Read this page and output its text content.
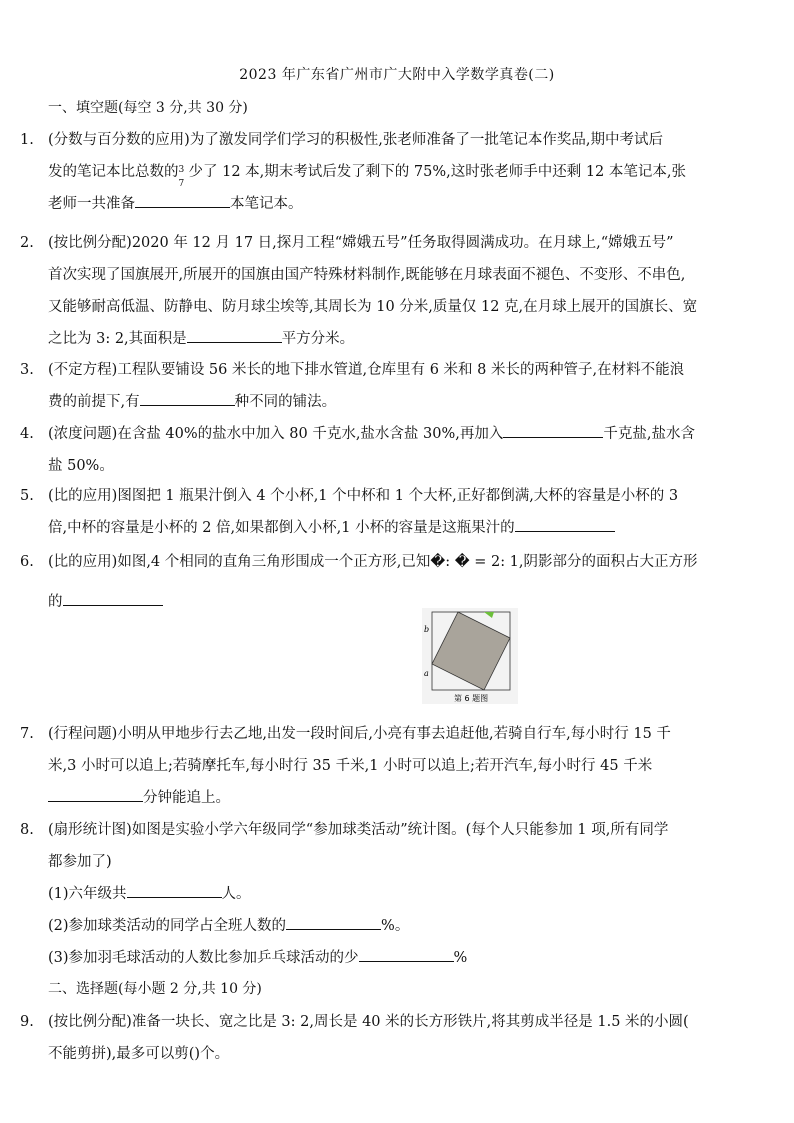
2023 年广东省广州市广大附中入学数学真卷(二)
一、填空题(每空 3 分,共 30 分)
1. (分数与百分数的应用)为了激发同学们学习的积极性,张老师准备了一批笔记本作奖品,期中考试后
发的笔记本比总数的 3
7
少了 12 本,期末考试后发了剩下的 75%,这时张老师手中还剩 12 本笔记本,张
老师一共准备	本笔记本。
2. (按比例分配)2020 年 12 月 17 日,探月工程“嫦娥五号”任务取得圆满成功。在月球上,“嫦娥五号”
首次实现了国旗展开,所展开的国旗由国产特殊材料制作,既能够在月球表面不褪色、不变形、不串色,
又能够耐高低温、防静电、防月球尘埃等,其周长为 10 分米,质量仅 12 克,在月球上展开的国旗长、宽
之比为 3: 2,其面积是	平方分米。
3. (不定方程)工程队要铺设 56 米长的地下排水管道,仓库里有 6 米和 8 米长的两种管子,在材料不能浪
费的前提下,有	种不同的铺法。
4. (浓度问题)在含盐 40%的盐水中加入 80 千克水,盐水含盐 30%,再加入	千克盐,盐水含
盐 50%。
5. (比的应用)图图把 1 瓶果汁倒入 4 个小杯,1 个中杯和 1 个大杯,正好都倒满,大杯的容量是小杯的 3
倍,中杯的容量是小杯的 2 倍,如果都倒入小杯,1 小杯的容量是这瓶果汁的
6. (比的应用)如图,4 个相同的直角三角形围成一个正方形,已知�: � = 2: 1,阴影部分的面积占大正方形
的
b
a
第 6 题图
7. (行程问题)小明从甲地步行去乙地,出发一段时间后,小亮有事去追赶他,若骑自行车,每小时行 15 千
米,3 小时可以追上;若骑摩托车,每小时行 35 千米,1 小时可以追上;若开汽车,每小时行 45 千米
分钟能追上。
8. (扇形统计图)如图是实验小学六年级同学“参加球类活动”统计图。(每个人只能参加 1 项,所有同学
都参加了)
(1)六年级共	人。
(2)参加球类活动的同学占全班人数的	%。
(3)参加羽毛球活动的人数比参加乒乓球活动的少	%
二、选择题(每小题 2 分,共 10 分)
9. (按比例分配)准备一块长、宽之比是 3: 2,周长是 40 米的长方形铁片,将其剪成半径是 1.5 米的小圆(
不能剪拼),最多可以剪()个。
